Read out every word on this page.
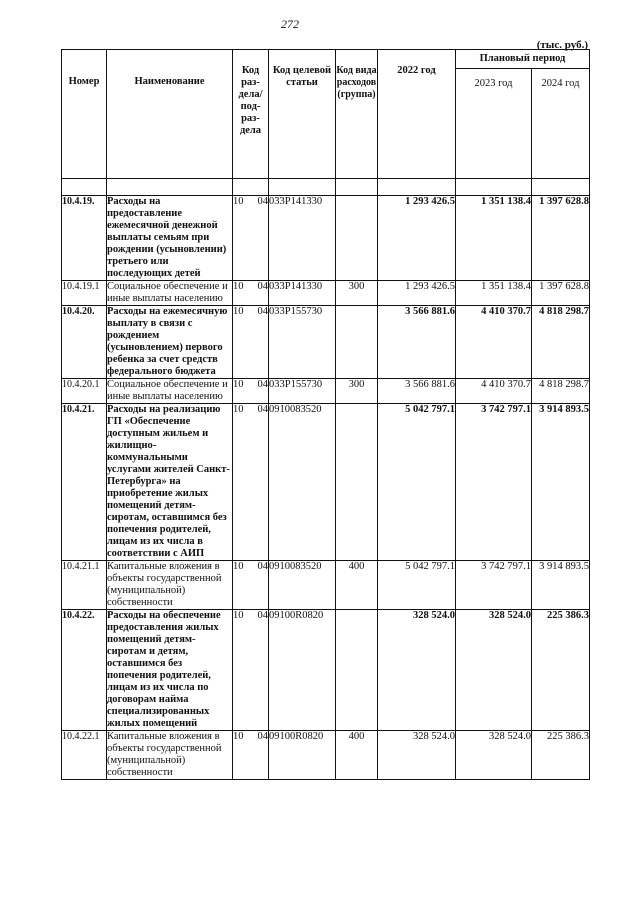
272
(тыс. руб.)
Номер	Наименование	Код раз-дела/ под-раз-дела	Код целевой статьи	Код вида расходов (группа)	2022 год	Плановый период	
						2023 год	2024 год

10.4.19.	Расходы на предоставление ежемесячной денежной выплаты семьям при рождении (усыновлении) третьего или последующих детей	10 04	033P141330		1 293 426.5	1 351 138.4	1 397 628.8
10.4.19.1	Социальное обеспечение и иные выплаты населению	10 04	033P141330	300	1 293 426.5	1 351 138.4	1 397 628.8
10.4.20.	Расходы на ежемесячную выплату в связи с рождением (усыновлением) первого ребенка за счет средств федерального бюджета	10 04	033P155730		3 566 881.6	4 410 370.7	4 818 298.7
10.4.20.1	Социальное обеспечение и иные выплаты населению	10 04	033P155730	300	3 566 881.6	4 410 370.7	4 818 298.7
10.4.21.	Расходы на реализацию ГП «Обеспечение доступным жильем и жилищно-коммунальными услугами жителей Санкт-Петербурга» на приобретение жилых помещений детям-сиротам, оставшимся без попечения родителей, лицам из их числа в соответствии с АИП	10 04	0910083520		5 042 797.1	3 742 797.1	3 914 893.5
10.4.21.1	Капитальные вложения в объекты государственной (муниципальной) собственности	10 04	0910083520	400	5 042 797.1	3 742 797.1	3 914 893.5
10.4.22.	Расходы на обеспечение предоставления жилых помещений детям-сиротам и детям, оставшимся без попечения родителей, лицам из их числа по договорам найма специализированных жилых помещений	10 04	09100R0820		328 524.0	328 524.0	225 386.3
10.4.22.1	Капитальные вложения в объекты государственной (муниципальной) собственности	10 04	09100R0820	400	328 524.0	328 524.0	225 386.3
